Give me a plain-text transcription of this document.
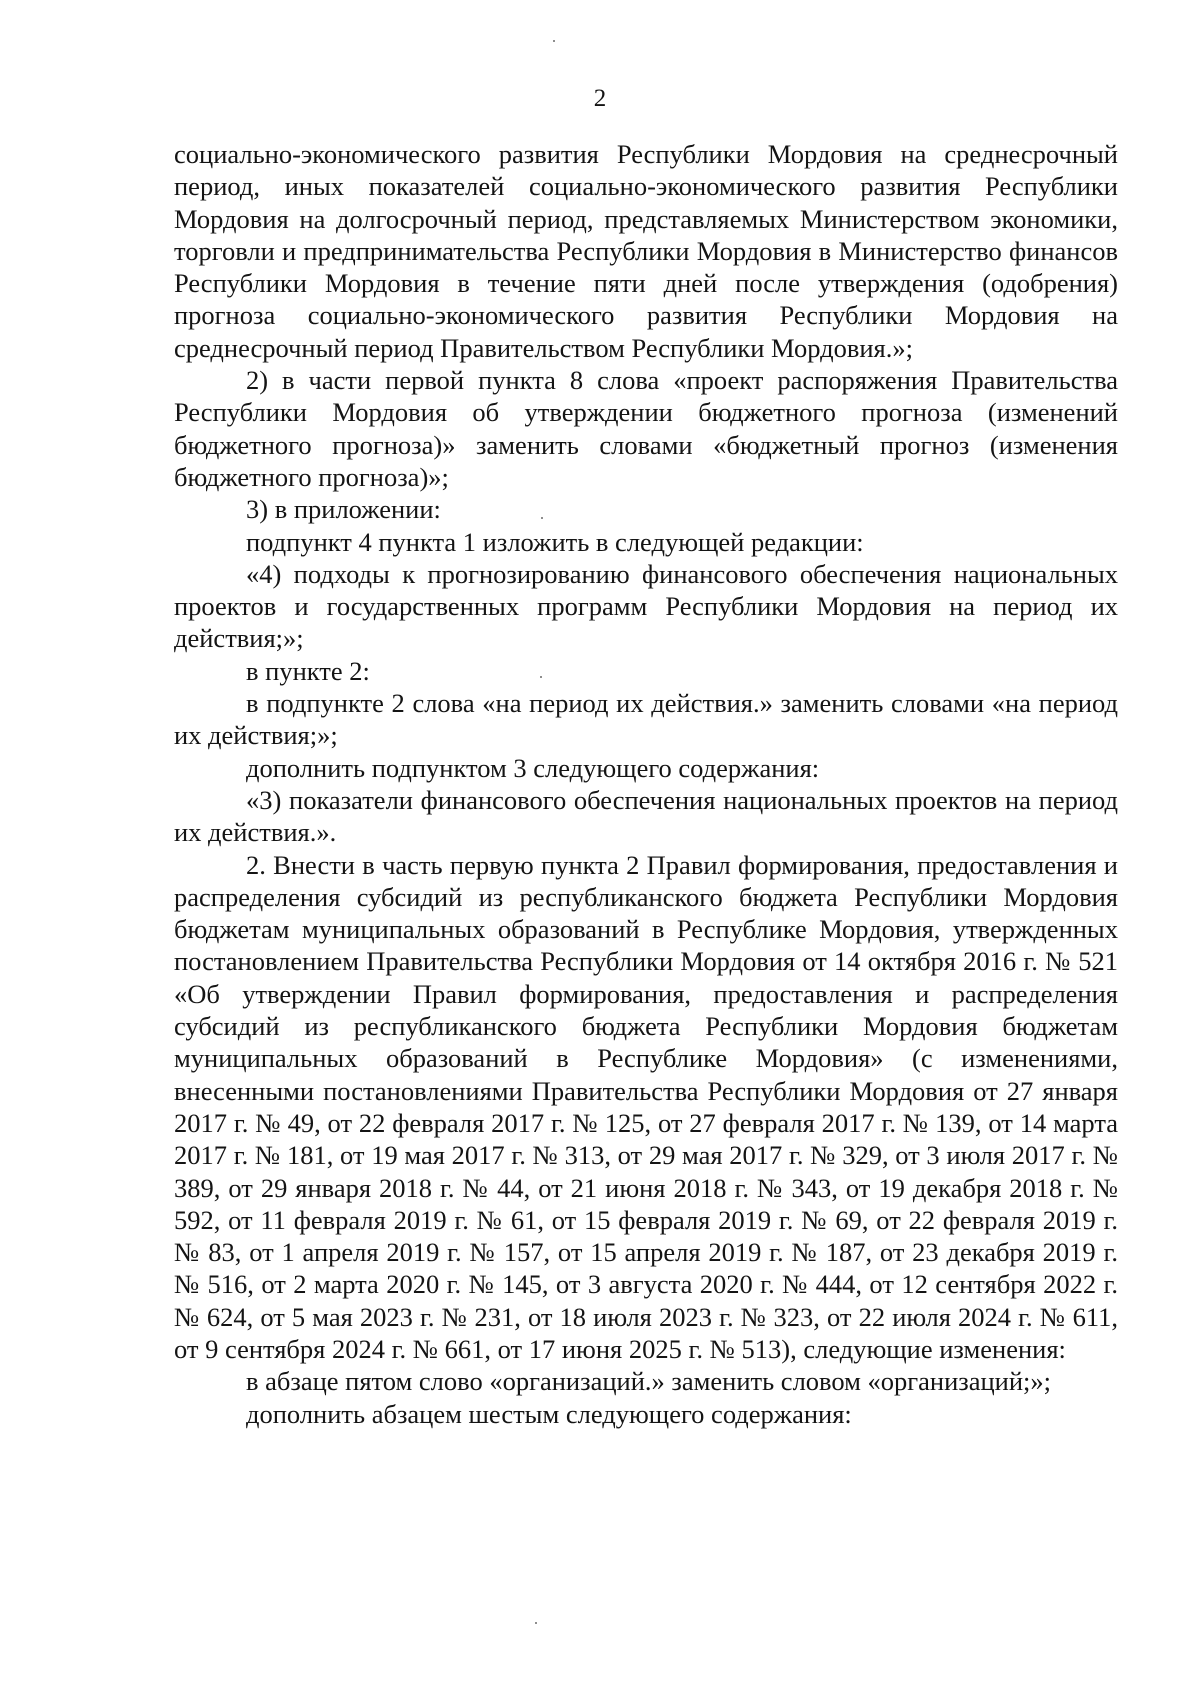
2

социально-экономического развития Республики Мордовия на среднесрочный период, иных показателей социально-экономического развития Республики Мордовия на долгосрочный период, представляемых Министерством экономики, торговли и предпринимательства Республики Мордовия в Министерство финансов Республики Мордовия в течение пяти дней после утверждения (одобрения) прогноза социально-экономического развития Республики Мордовия на среднесрочный период Правительством Республики Мордовия.»;

2) в части первой пункта 8 слова «проект распоряжения Правительства Республики Мордовия об утверждении бюджетного прогноза (изменений бюджетного прогноза)» заменить словами «бюджетный прогноз (изменения бюджетного прогноза)»;

3) в приложении:

подпункт 4 пункта 1 изложить в следующей редакции:

«4) подходы к прогнозированию финансового обеспечения национальных проектов и государственных программ Республики Мордовия на период их действия;»;

в пункте 2:

в подпункте 2 слова «на период их действия.» заменить словами «на период их действия;»;

дополнить подпунктом 3 следующего содержания:

«3) показатели финансового обеспечения национальных проектов на период их действия.».

2. Внести в часть первую пункта 2 Правил формирования, предоставления и распределения субсидий из республиканского бюджета Республики Мордовия бюджетам муниципальных образований в Республике Мордовия, утвержденных постановлением Правительства Республики Мордовия от 14 октября 2016 г. № 521 «Об утверждении Правил формирования, предоставления и распределения субсидий из республиканского бюджета Республики Мордовия бюджетам муниципальных образований в Республике Мордовия» (с изменениями, внесенными постановлениями Правительства Республики Мордовия от 27 января 2017 г. № 49, от 22 февраля 2017 г. № 125, от 27 февраля 2017 г. № 139, от 14 марта 2017 г. № 181, от 19 мая 2017 г. № 313, от 29 мая 2017 г. № 329, от 3 июля 2017 г. № 389, от 29 января 2018 г. № 44, от 21 июня 2018 г. № 343, от 19 декабря 2018 г. № 592, от 11 февраля 2019 г. № 61, от 15 февраля 2019 г. № 69, от 22 февраля 2019 г. № 83, от 1 апреля 2019 г. № 157, от 15 апреля 2019 г. № 187, от 23 декабря 2019 г. № 516, от 2 марта 2020 г. № 145, от 3 августа 2020 г. № 444, от 12 сентября 2022 г. № 624, от 5 мая 2023 г. № 231, от 18 июля 2023 г. № 323, от 22 июля 2024 г. № 611, от 9 сентября 2024 г. № 661, от 17 июня 2025 г. № 513), следующие изменения:

в абзаце пятом слово «организаций.» заменить словом «организаций;»;

дополнить абзацем шестым следующего содержания:
